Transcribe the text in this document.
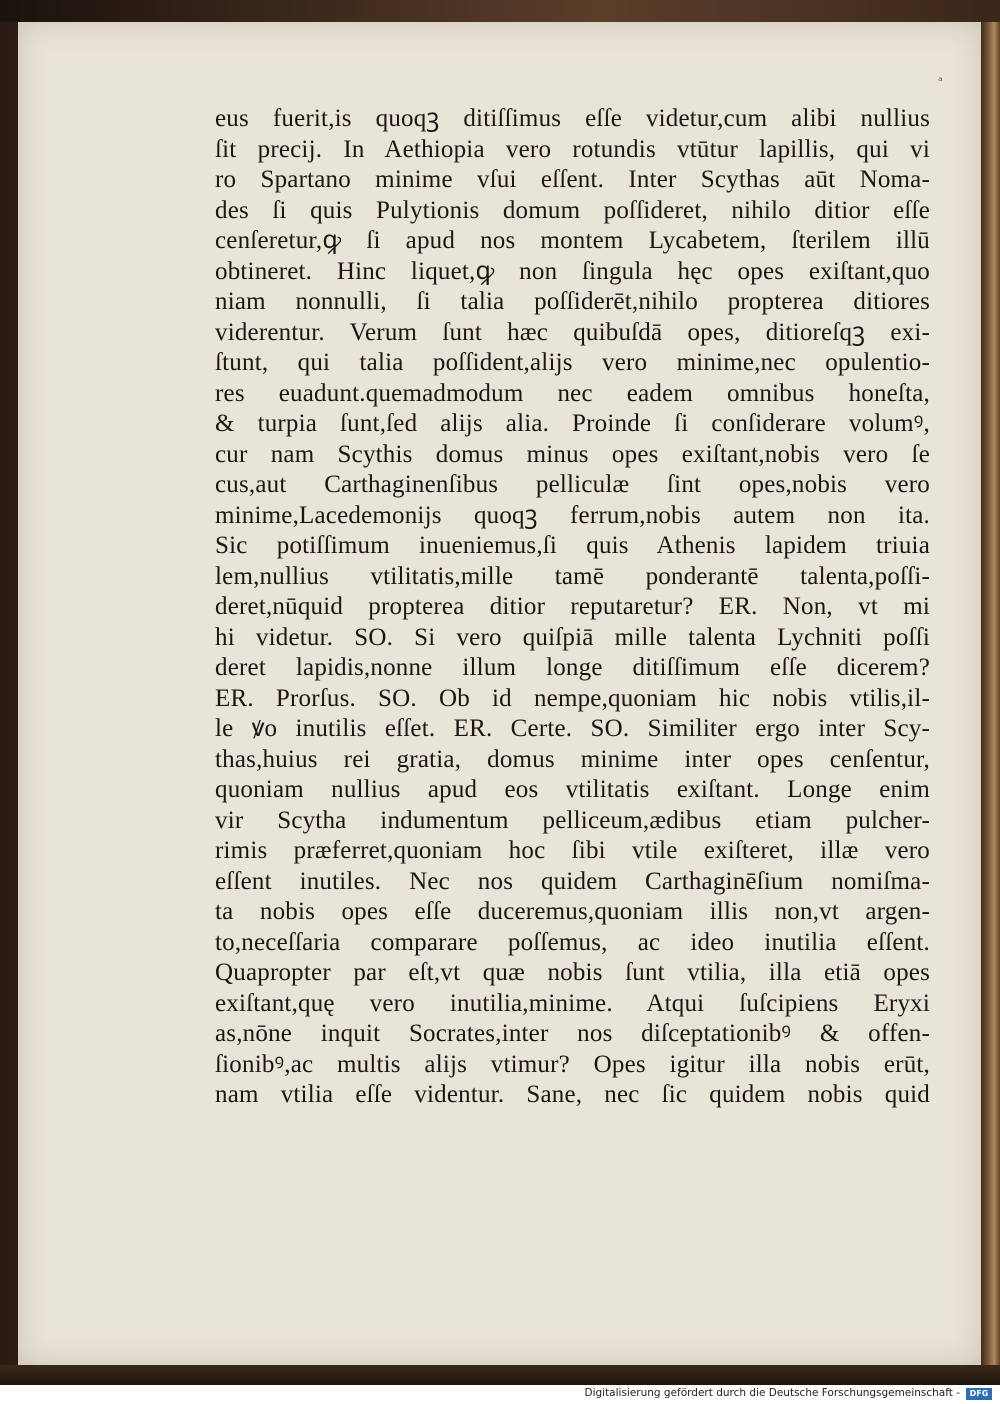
ᵃ
eus fuerit,is quoqꝫ ditiſſimus eſſe videtur,cum alibi nullius
ſit precij. In Aethiopia vero rotundis vtūtur lapillis, qui vi
ro Spartano minime vſui eſſent. Inter Scythas aūt Noma-
des ſi quis Pulytionis domum poſſideret, nihilo ditior eſſe
cenſeretur,ꝙ ſi apud nos montem Lycabetem, ſterilem illū
obtineret. Hinc liquet,ꝙ non ſingula hęc opes exiſtant,quo
niam nonnulli, ſi talia poſſiderēt,nihilo propterea ditiores
viderentur. Verum ſunt hæc quibuſdā opes, ditioreſqꝫ exi-
ſtunt, qui talia poſſident,alijs vero minime,nec opulentio-
res euadunt.quemadmodum nec eadem omnibus honeſta,
& turpia ſunt,ſed alijs alia. Proinde ſi conſiderare volumꝰ,
cur nam Scythis domus minus opes exiſtant,nobis vero ſe
cus,aut Carthaginenſibus pelliculæ ſint opes,nobis vero
minime,Lacedemonijs quoqꝫ ferrum,nobis autem non ita.
Sic potiſſimum inueniemus,ſi quis Athenis lapidem triuia
lem,nullius vtilitatis,mille tamē ponderantē talenta,poſſi-
deret,nūquid propterea ditior reputaretur? ER. Non, vt mi
hi videtur. SO. Si vero quiſpiā mille talenta Lychniti poſſi
deret lapidis,nonne illum longe ditiſſimum eſſe dicerem?
ER. Prorſus. SO. Ob id nempe,quoniam hic nobis vtilis,il-
le ꝟo inutilis eſſet. ER. Certe. SO. Similiter ergo inter Scy-
thas,huius rei gratia, domus minime inter opes cenſentur,
quoniam nullius apud eos vtilitatis exiſtant. Longe enim
vir Scytha indumentum pelliceum,ædibus etiam pulcher-
rimis præferret,quoniam hoc ſibi vtile exiſteret, illæ vero
eſſent inutiles. Nec nos quidem Carthaginēſium nomiſma-
ta nobis opes eſſe duceremus,quoniam illis non,vt argen-
to,neceſſaria comparare poſſemus, ac ideo inutilia eſſent.
Quapropter par eſt,vt quæ nobis ſunt vtilia, illa etiā opes
exiſtant,quę vero inutilia,minime. Atqui ſuſcipiens Eryxi
as,nōne inquit Socrates,inter nos diſceptationibꝰ & offen-
ſionibꝰ,ac multis alijs vtimur? Opes igitur illa nobis erūt,
nam vtilia eſſe videntur. Sane, nec ſic quidem nobis quid
Digitalisierung gefördert durch die Deutsche Forschungsgemeinschaft -	DFG
